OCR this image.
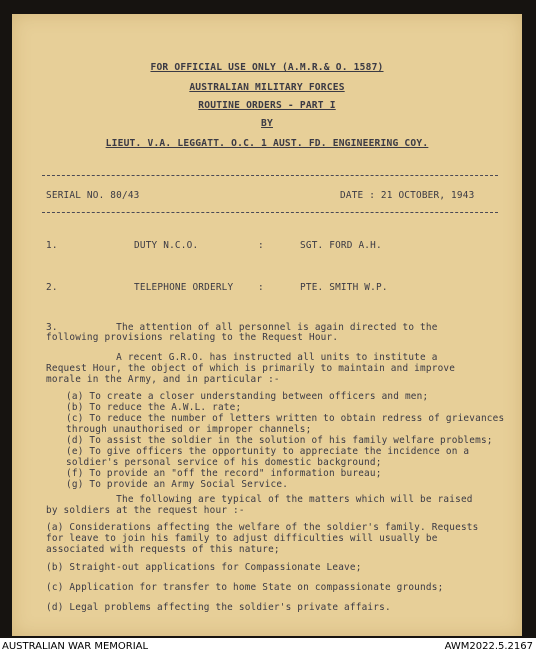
FOR OFFICIAL USE ONLY (A.M.R.& O. 1587)
AUSTRALIAN MILITARY FORCES
ROUTINE ORDERS - PART I
BY
LIEUT. V.A. LEGGATT. O.C. 1 AUST. FD. ENGINEERING COY.
SERIAL NO. 80/43	DATE : 21 OCTOBER, 1943
1.	DUTY N.C.O.	:	SGT. FORD A.H.
2.	TELEPHONE ORDERLY	:	PTE. SMITH W.P.
3.          The attention of all personnel is again directed to the
following provisions relating to the Request Hour.
A recent G.R.O. has instructed all units to institute a
Request Hour, the object of which is primarily to maintain and improve
morale in the Army, and in particular :-
(a) To create a closer understanding between officers and men;
(b) To reduce the A.W.L. rate;
(c) To reduce the number of letters written to obtain redress of grievances
through unauthorised or improper channels;
(d) To assist the soldier in the solution of his family welfare problems;
(e) To give officers the opportunity to appreciate the incidence on a
soldier's personal service of his domestic background;
(f) To provide an "off the record" information bureau;
(g) To provide an Army Social Service.
The following are typical of the matters which will be raised
by soldiers at the request hour :-
(a) Considerations affecting the welfare of the soldier's family. Requests
for leave to join his family to adjust difficulties will usually be
associated with requests of this nature;
(b) Straight-out applications for Compassionate Leave;
(c) Application for transfer to home State on compassionate grounds;
(d) Legal problems affecting the soldier's private affairs.
AUSTRALIAN WAR MEMORIAL	AWM2022.5.2167
